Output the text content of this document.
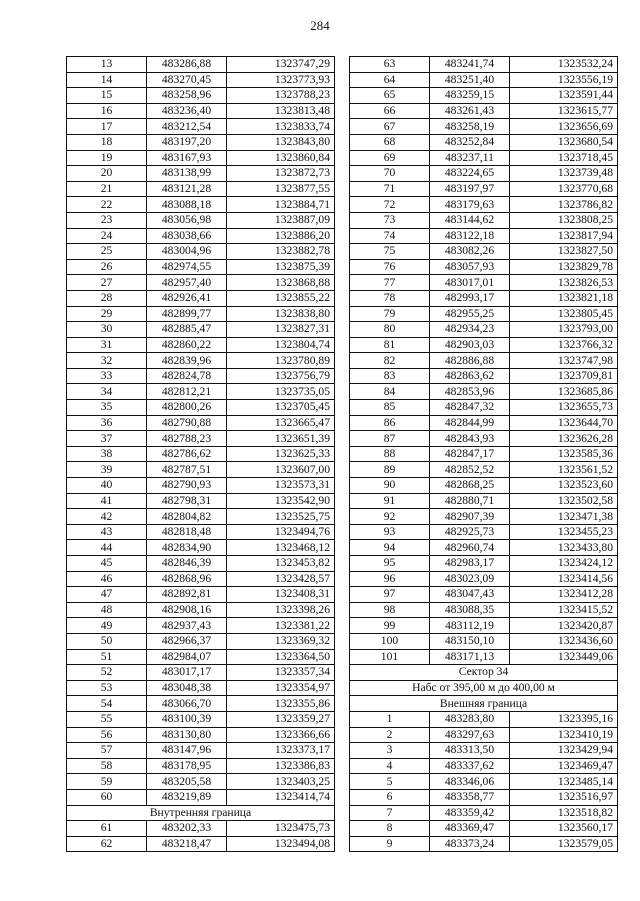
284
13	483286,88	1323747,29
14	483270,45	1323773,93
15	483258,96	1323788,23
16	483236,40	1323813,48
17	483212,54	1323833,74
18	483197,20	1323843,80
19	483167,93	1323860,84
20	483138,99	1323872,73
21	483121,28	1323877,55
22	483088,18	1323884,71
23	483056,98	1323887,09
24	483038,66	1323886,20
25	483004,96	1323882,78
26	482974,55	1323875,39
27	482957,40	1323868,88
28	482926,41	1323855,22
29	482899,77	1323838,80
30	482885,47	1323827,31
31	482860,22	1323804,74
32	482839,96	1323780,89
33	482824,78	1323756,79
34	482812,21	1323735,05
35	482800,26	1323705,45
36	482790,88	1323665,47
37	482788,23	1323651,39
38	482786,62	1323625,33
39	482787,51	1323607,00
40	482790,93	1323573,31
41	482798,31	1323542,90
42	482804,82	1323525,75
43	482818,48	1323494,76
44	482834,90	1323468,12
45	482846,39	1323453,82
46	482868,96	1323428,57
47	482892,81	1323408,31
48	482908,16	1323398,26
49	482937,43	1323381,22
50	482966,37	1323369,32
51	482984,07	1323364,50
52	483017,17	1323357,34
53	483048,38	1323354,97
54	483066,70	1323355,86
55	483100,39	1323359,27
56	483130,80	1323366,66
57	483147,96	1323373,17
58	483178,95	1323386,83
59	483205,58	1323403,25
60	483219,89	1323414,74
Внутренняя граница		
61	483202,33	1323475,73
62	483218,47	1323494,08
63	483241,74	1323532,24
64	483251,40	1323556,19
65	483259,15	1323591,44
66	483261,43	1323615,77
67	483258,19	1323656,69
68	483252,84	1323680,54
69	483237,11	1323718,45
70	483224,65	1323739,48
71	483197,97	1323770,68
72	483179,63	1323786,82
73	483144,62	1323808,25
74	483122,18	1323817,94
75	483082,26	1323827,50
76	483057,93	1323829,78
77	483017,01	1323826,53
78	482993,17	1323821,18
79	482955,25	1323805,45
80	482934,23	1323793,00
81	482903,03	1323766,32
82	482886,88	1323747,98
83	482863,62	1323709,81
84	482853,96	1323685,86
85	482847,32	1323655,73
86	482844,99	1323644,70
87	482843,93	1323626,28
88	482847,17	1323585,36
89	482852,52	1323561,52
90	482868,25	1323523,60
91	482880,71	1323502,58
92	482907,39	1323471,38
93	482925,73	1323455,23
94	482960,74	1323433,80
95	482983,17	1323424,12
96	483023,09	1323414,56
97	483047,43	1323412,28
98	483088,35	1323415,52
99	483112,19	1323420,87
100	483150,10	1323436,60
101	483171,13	1323449,06
Сектор 34		
Набс от 395,00 м до 400,00 м		
Внешняя граница		
1	483283,80	1323395,16
2	483297,63	1323410,19
3	483313,50	1323429,94
4	483337,62	1323469,47
5	483346,06	1323485,14
6	483358,77	1323516,97
7	483359,42	1323518,82
8	483369,47	1323560,17
9	483373,24	1323579,05
